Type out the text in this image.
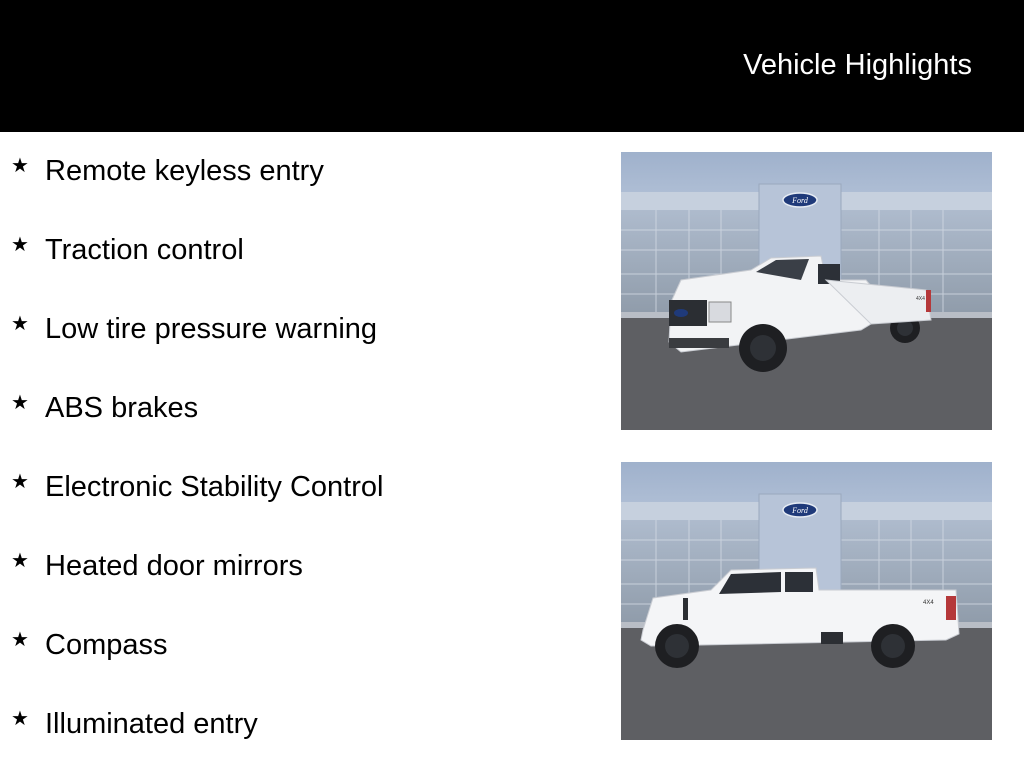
Vehicle Highlights
★ Remote keyless entry
★ Traction control
★ Low tire pressure warning
★ ABS brakes
★ Electronic Stability Control
★ Heated door mirrors
★ Compass
★ Illuminated entry
Ford
4X4
Ford
4X4
